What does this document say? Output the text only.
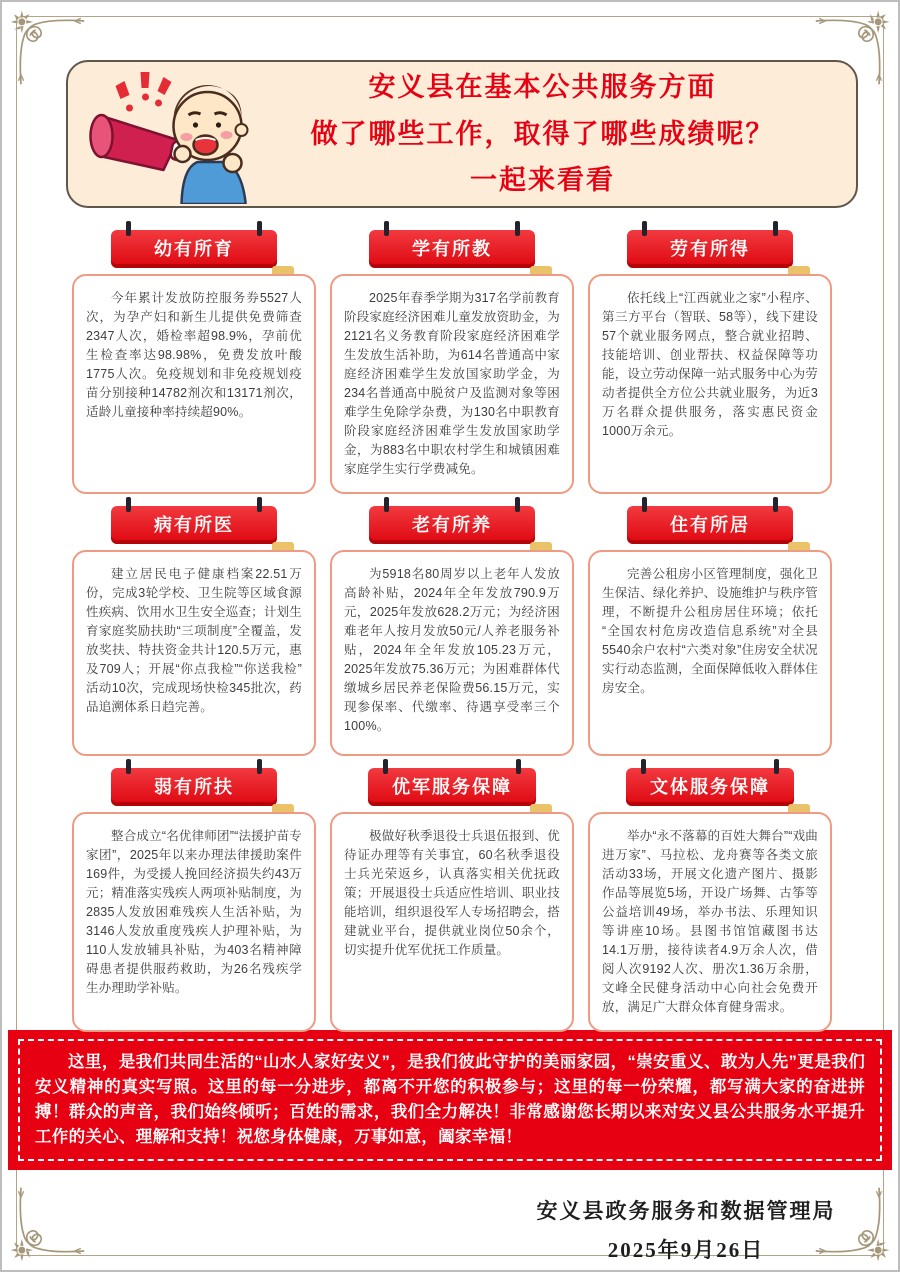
安义县在基本公共服务方面
做了哪些工作，取得了哪些成绩呢？
一起来看看
幼有所育

今年累计发放防控服务券5527人次，为孕产妇和新生儿提供免费筛查2347人次，婚检率超98.9%，孕前优生检查率达98.98%，免费发放叶酸1775人次。免疫规划和非免疫规划疫苗分别接种14782剂次和13171剂次，适龄儿童接种率持续超90%。

学有所教

2025年春季学期为317名学前教育阶段家庭经济困难儿童发放资助金，为2121名义务教育阶段家庭经济困难学生发放生活补助，为614名普通高中家庭经济困难学生发放国家助学金，为234名普通高中脱贫户及监测对象等困难学生免除学杂费，为130名中职教育阶段家庭经济困难学生发放国家助学金，为883名中职农村学生和城镇困难家庭学生实行学费减免。

劳有所得

依托线上“江西就业之家”小程序、第三方平台（智联、58等），线下建设57个就业服务网点，整合就业招聘、技能培训、创业帮扶、权益保障等功能，设立劳动保障一站式服务中心为劳动者提供全方位公共就业服务，为近3万名群众提供服务，落实惠民资金1000万余元。

病有所医

建立居民电子健康档案22.51万份，完成3轮学校、卫生院等区域食源性疾病、饮用水卫生安全巡查；计划生育家庭奖励扶助“三项制度”全覆盖，发放奖扶、特扶资金共计120.5万元，惠及709人；开展“你点我检”“你送我检”活动10次，完成现场快检345批次，药品追溯体系日趋完善。

老有所养

为5918名80周岁以上老年人发放高龄补贴，2024年全年发放790.9万元，2025年发放628.2万元；为经济困难老年人按月发放50元/人养老服务补贴，2024年全年发放105.23万元，2025年发放75.36万元；为困难群体代缴城乡居民养老保险费56.15万元，实现参保率、代缴率、待遇享受率三个100%。

住有所居

完善公租房小区管理制度，强化卫生保洁、绿化养护、设施维护与秩序管理，不断提升公租房居住环境；依托“全国农村危房改造信息系统”对全县5540余户农村“六类对象”住房安全状况实行动态监测，全面保障低收入群体住房安全。

弱有所扶

整合成立“名优律师团”“法援护苗专家团”，2025年以来办理法律援助案件169件，为受援人挽回经济损失约43万元；精准落实残疾人两项补贴制度，为2835人发放困难残疾人生活补贴，为3146人发放重度残疾人护理补贴，为110人发放辅具补贴，为403名精神障碍患者提供服药救助，为26名残疾学生办理助学补贴。

优军服务保障

极做好秋季退役士兵退伍报到、优待证办理等有关事宜，60名秋季退役士兵光荣返乡，认真落实相关优抚政策；开展退役士兵适应性培训、职业技能培训，组织退役军人专场招聘会，搭建就业平台，提供就业岗位50余个，切实提升优军优抚工作质量。

文体服务保障

举办“永不落幕的百姓大舞台”“戏曲进万家”、马拉松、龙舟赛等各类文旅活动33场，开展文化遗产图片、摄影作品等展览5场，开设广场舞、古筝等公益培训49场，举办书法、乐理知识等讲座10场。县图书馆馆藏图书达14.1万册，接待读者4.9万余人次，借阅人次9192人次、册次1.36万余册，文峰全民健身活动中心向社会免费开放，满足广大群众体育健身需求。

这里，是我们共同生活的“山水人家好安义”，是我们彼此守护的美丽家园，“崇安重义、敢为人先”更是我们安义精神的真实写照。这里的每一分进步，都离不开您的积极参与；这里的每一份荣耀，都写满大家的奋进拼搏！群众的声音，我们始终倾听；百姓的需求，我们全力解决！非常感谢您长期以来对安义县公共服务水平提升工作的关心、理解和支持！祝您身体健康，万事如意，阖家幸福！
安义县政务服务和数据管理局
2025年9月26日
